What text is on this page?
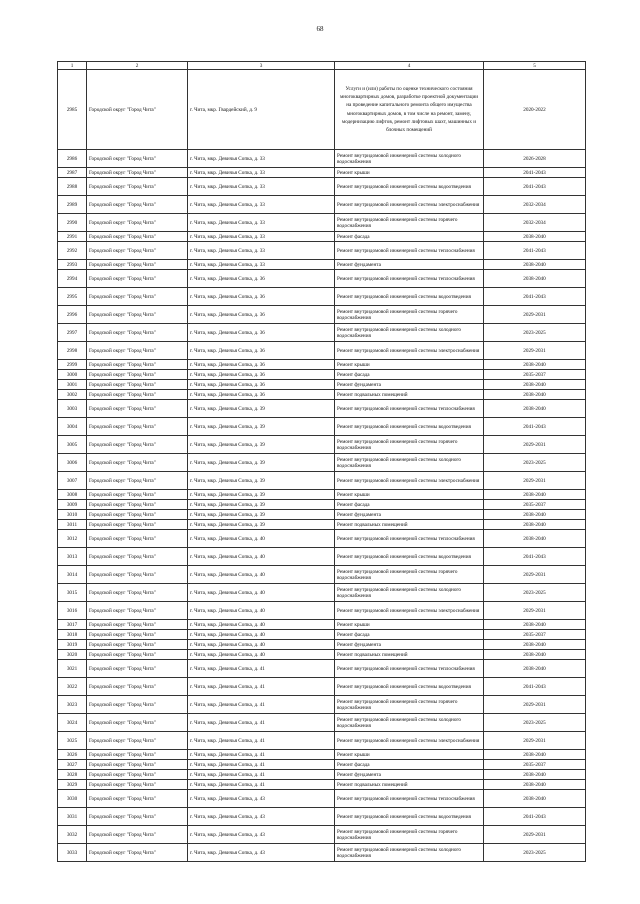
68
1	2	3	4	5
2985	Городской округ "Город Чита"	г. Чита, мкр. Гвардейский, д. 9	Услуги и (или) работы по оценке технического состояния многоквартирных домов, разработке проектной документации на проведение капитального ремонта общего имущества многоквартирных домов, в том числе на ремонт, замену, модернизацию лифтов, ремонт лифтовых шахт, машинных и блочных помещений	2020-2022
2986	Городской округ "Город Чита"	г. Чита, мкр. Девичья Сопка, д. 33	Ремонт внутридомовой инженерной системы холодного водоснабжения	2026-2028
2987	Городской округ "Город Чита"	г. Чита, мкр. Девичья Сопка, д. 33	Ремонт крыши	2041-2043
2988	Городской округ "Город Чита"	г. Чита, мкр. Девичья Сопка, д. 33	Ремонт внутридомовой инженерной системы водоотведения	2041-2043
2989	Городской округ "Город Чита"	г. Чита, мкр. Девичья Сопка, д. 33	Ремонт внутридомовой инженерной системы электроснабжения	2032-2034
2990	Городской округ "Город Чита"	г. Чита, мкр. Девичья Сопка, д. 33	Ремонт внутридомовой инженерной системы горячего водоснабжения	2032-2034
2991	Городской округ "Город Чита"	г. Чита, мкр. Девичья Сопка, д. 33	Ремонт фасада	2038-2040
2992	Городской округ "Город Чита"	г. Чита, мкр. Девичья Сопка, д. 33	Ремонт внутридомовой инженерной системы теплоснабжения	2041-2043
2993	Городской округ "Город Чита"	г. Чита, мкр. Девичья Сопка, д. 33	Ремонт фундамента	2038-2040
2994	Городской округ "Город Чита"	г. Чита, мкр. Девичья Сопка, д. 36	Ремонт внутридомовой инженерной системы теплоснабжения	2038-2040
2995	Городской округ "Город Чита"	г. Чита, мкр. Девичья Сопка, д. 36	Ремонт внутридомовой инженерной системы водоотведения	2041-2043
2996	Городской округ "Город Чита"	г. Чита, мкр. Девичья Сопка, д. 36	Ремонт внутридомовой инженерной системы горячего водоснабжения	2029-2031
2997	Городской округ "Город Чита"	г. Чита, мкр. Девичья Сопка, д. 36	Ремонт внутридомовой инженерной системы холодного водоснабжения	2023-2025
2998	Городской округ "Город Чита"	г. Чита, мкр. Девичья Сопка, д. 36	Ремонт внутридомовой инженерной системы электроснабжения	2029-2031
2999	Городской округ "Город Чита"	г. Чита, мкр. Девичья Сопка, д. 36	Ремонт крыши	2038-2040
3000	Городской округ "Город Чита"	г. Чита, мкр. Девичья Сопка, д. 36	Ремонт фасада	2035-2037
3001	Городской округ "Город Чита"	г. Чита, мкр. Девичья Сопка, д. 36	Ремонт фундамента	2038-2040
3002	Городской округ "Город Чита"	г. Чита, мкр. Девичья Сопка, д. 36	Ремонт подвальных помещений	2038-2040
3003	Городской округ "Город Чита"	г. Чита, мкр. Девичья Сопка, д. 39	Ремонт внутридомовой инженерной системы теплоснабжения	2038-2040
3004	Городской округ "Город Чита"	г. Чита, мкр. Девичья Сопка, д. 39	Ремонт внутридомовой инженерной системы водоотведения	2041-2043
3005	Городской округ "Город Чита"	г. Чита, мкр. Девичья Сопка, д. 39	Ремонт внутридомовой инженерной системы горячего водоснабжения	2029-2031
3006	Городской округ "Город Чита"	г. Чита, мкр. Девичья Сопка, д. 39	Ремонт внутридомовой инженерной системы холодного водоснабжения	2023-2025
3007	Городской округ "Город Чита"	г. Чита, мкр. Девичья Сопка, д. 39	Ремонт внутридомовой инженерной системы электроснабжения	2029-2031
3008	Городской округ "Город Чита"	г. Чита, мкр. Девичья Сопка, д. 39	Ремонт крыши	2038-2040
3009	Городской округ "Город Чита"	г. Чита, мкр. Девичья Сопка, д. 39	Ремонт фасада	2035-2037
3010	Городской округ "Город Чита"	г. Чита, мкр. Девичья Сопка, д. 39	Ремонт фундамента	2038-2040
3011	Городской округ "Город Чита"	г. Чита, мкр. Девичья Сопка, д. 39	Ремонт подвальных помещений	2038-2040
3012	Городской округ "Город Чита"	г. Чита, мкр. Девичья Сопка, д. 40	Ремонт внутридомовой инженерной системы теплоснабжения	2038-2040
3013	Городской округ "Город Чита"	г. Чита, мкр. Девичья Сопка, д. 40	Ремонт внутридомовой инженерной системы водоотведения	2041-2043
3014	Городской округ "Город Чита"	г. Чита, мкр. Девичья Сопка, д. 40	Ремонт внутридомовой инженерной системы горячего водоснабжения	2029-2031
3015	Городской округ "Город Чита"	г. Чита, мкр. Девичья Сопка, д. 40	Ремонт внутридомовой инженерной системы холодного водоснабжения	2023-2025
3016	Городской округ "Город Чита"	г. Чита, мкр. Девичья Сопка, д. 40	Ремонт внутридомовой инженерной системы электроснабжения	2029-2031
3017	Городской округ "Город Чита"	г. Чита, мкр. Девичья Сопка, д. 40	Ремонт крыши	2038-2040
3018	Городской округ "Город Чита"	г. Чита, мкр. Девичья Сопка, д. 40	Ремонт фасада	2035-2037
3019	Городской округ "Город Чита"	г. Чита, мкр. Девичья Сопка, д. 40	Ремонт фундамента	2038-2040
3020	Городской округ "Город Чита"	г. Чита, мкр. Девичья Сопка, д. 40	Ремонт подвальных помещений	2038-2040
3021	Городской округ "Город Чита"	г. Чита, мкр. Девичья Сопка, д. 41	Ремонт внутридомовой инженерной системы теплоснабжения	2038-2040
3022	Городской округ "Город Чита"	г. Чита, мкр. Девичья Сопка, д. 41	Ремонт внутридомовой инженерной системы водоотведения	2041-2043
3023	Городской округ "Город Чита"	г. Чита, мкр. Девичья Сопка, д. 41	Ремонт внутридомовой инженерной системы горячего водоснабжения	2029-2031
3024	Городской округ "Город Чита"	г. Чита, мкр. Девичья Сопка, д. 41	Ремонт внутридомовой инженерной системы холодного водоснабжения	2023-2025
3025	Городской округ "Город Чита"	г. Чита, мкр. Девичья Сопка, д. 41	Ремонт внутридомовой инженерной системы электроснабжения	2029-2031
3026	Городской округ "Город Чита"	г. Чита, мкр. Девичья Сопка, д. 41	Ремонт крыши	2038-2040
3027	Городской округ "Город Чита"	г. Чита, мкр. Девичья Сопка, д. 41	Ремонт фасада	2035-2037
3028	Городской округ "Город Чита"	г. Чита, мкр. Девичья Сопка, д. 41	Ремонт фундамента	2038-2040
3029	Городской округ "Город Чита"	г. Чита, мкр. Девичья Сопка, д. 41	Ремонт подвальных помещений	2038-2040
3030	Городской округ "Город Чита"	г. Чита, мкр. Девичья Сопка, д. 43	Ремонт внутридомовой инженерной системы теплоснабжения	2038-2040
3031	Городской округ "Город Чита"	г. Чита, мкр. Девичья Сопка, д. 43	Ремонт внутридомовой инженерной системы водоотведения	2041-2043
3032	Городской округ "Город Чита"	г. Чита, мкр. Девичья Сопка, д. 43	Ремонт внутридомовой инженерной системы горячего водоснабжения	2029-2031
3033	Городской округ "Город Чита"	г. Чита, мкр. Девичья Сопка, д. 43	Ремонт внутридомовой инженерной системы холодного водоснабжения	2023-2025
